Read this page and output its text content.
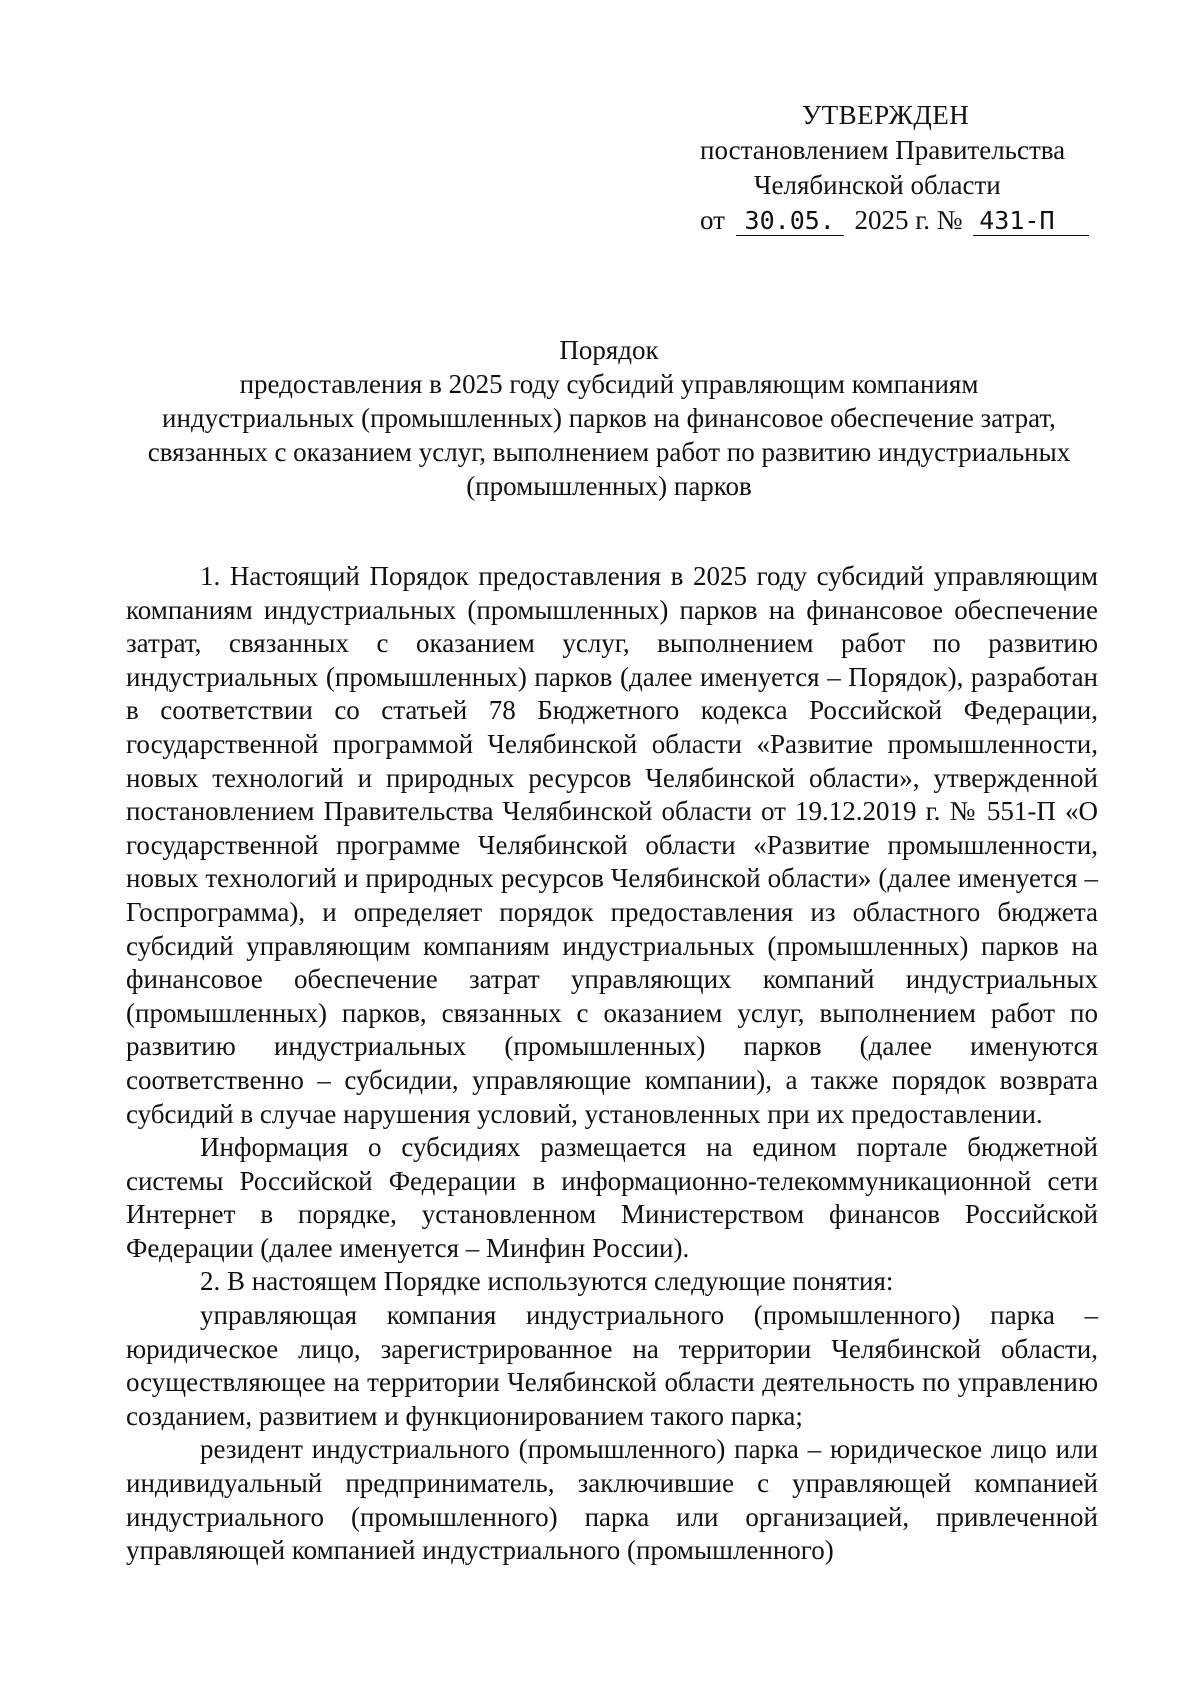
УТВЕРЖДЕН
постановлением Правительства
Челябинской области
от 30.05. 2025 г. № 431-П
Порядок
предоставления в 2025 году субсидий управляющим компаниям
индустриальных (промышленных) парков на финансовое обеспечение затрат,
связанных с оказанием услуг, выполнением работ по развитию индустриальных
(промышленных) парков

1. Настоящий Порядок предоставления в 2025 году субсидий управляющим компаниям индустриальных (промышленных) парков на финансовое обеспечение затрат, связанных с оказанием услуг, выполнением работ по развитию индустриальных (промышленных) парков (далее именуется – Порядок), разработан в соответствии со статьей 78 Бюджетного кодекса Российской Федерации, государственной программой Челябинской области «Развитие промышленности, новых технологий и природных ресурсов Челябинской области», утвержденной постановлением Правительства Челябинской области от 19.12.2019 г. № 551-П «О государственной программе Челябинской области «Развитие промышленности, новых технологий и природных ресурсов Челябинской области» (далее именуется – Госпрограмма), и определяет порядок предоставления из областного бюджета субсидий управляющим компаниям индустриальных (промышленных) парков на финансовое обеспечение затрат управляющих компаний индустриальных (промышленных) парков, связанных с оказанием услуг, выполнением работ по развитию индустриальных (промышленных) парков (далее именуются соответственно – субсидии, управляющие компании), а также порядок возврата субсидий в случае нарушения условий, установленных при их предоставлении.

Информация о субсидиях размещается на едином портале бюджетной системы Российской Федерации в информационно-телекоммуникационной сети Интернет в порядке, установленном Министерством финансов Российской Федерации (далее именуется – Минфин России).

2. В настоящем Порядке используются следующие понятия:

управляющая компания индустриального (промышленного) парка – юридическое лицо, зарегистрированное на территории Челябинской области, осуществляющее на территории Челябинской области деятельность по управлению созданием, развитием и функционированием такого парка;

резидент индустриального (промышленного) парка – юридическое лицо или индивидуальный предприниматель, заключившие с управляющей компанией индустриального (промышленного) парка или организацией, привлеченной управляющей компанией индустриального (промышленного)
